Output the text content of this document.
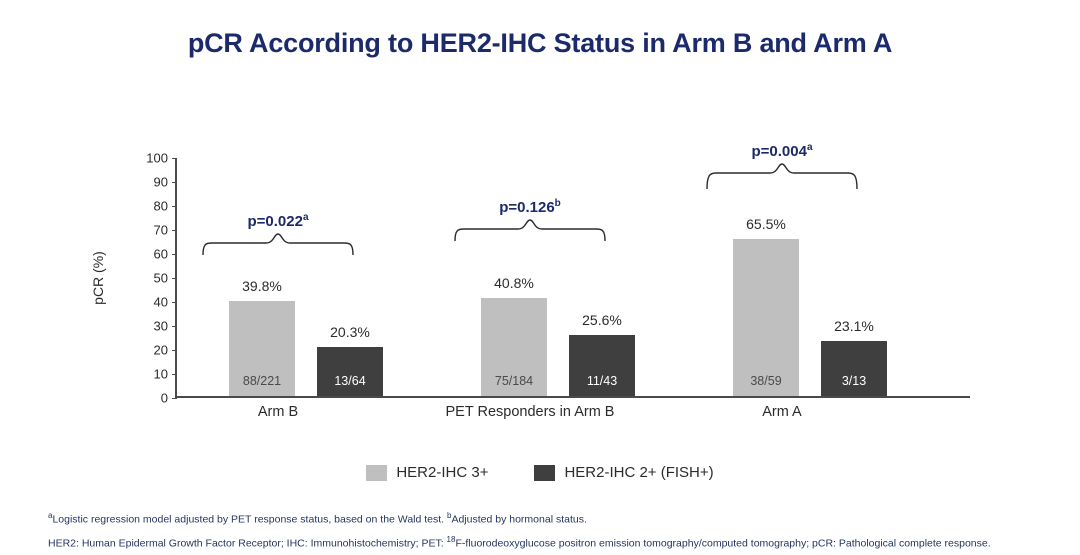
pCR According to HER2-IHC Status in Arm B and Arm A
pCR (%)
100
90
80
70
60
50
40
30
20
10
0
39.8%
88/221
20.3%
13/64
40.8%
75/184
25.6%
11/43
65.5%
38/59
23.1%
3/13
Arm B	PET Responders in Arm B	Arm A
p=0.022$^a$
p=0.126$^b$
p=0.004$^a$
HER2-IHC 3+	HER2-IHC 2+ (FISH+)
$^a$Logistic regression model adjusted by PET response status, based on the Wald test. $^b$Adjusted by hormonal status.
HER2: Human Epidermal Growth Factor Receptor; IHC: Immunohistochemistry; PET: $^{18}$F-fluorodeoxyglucose positron emission tomography/computed tomography; pCR: Pathological complete response.
